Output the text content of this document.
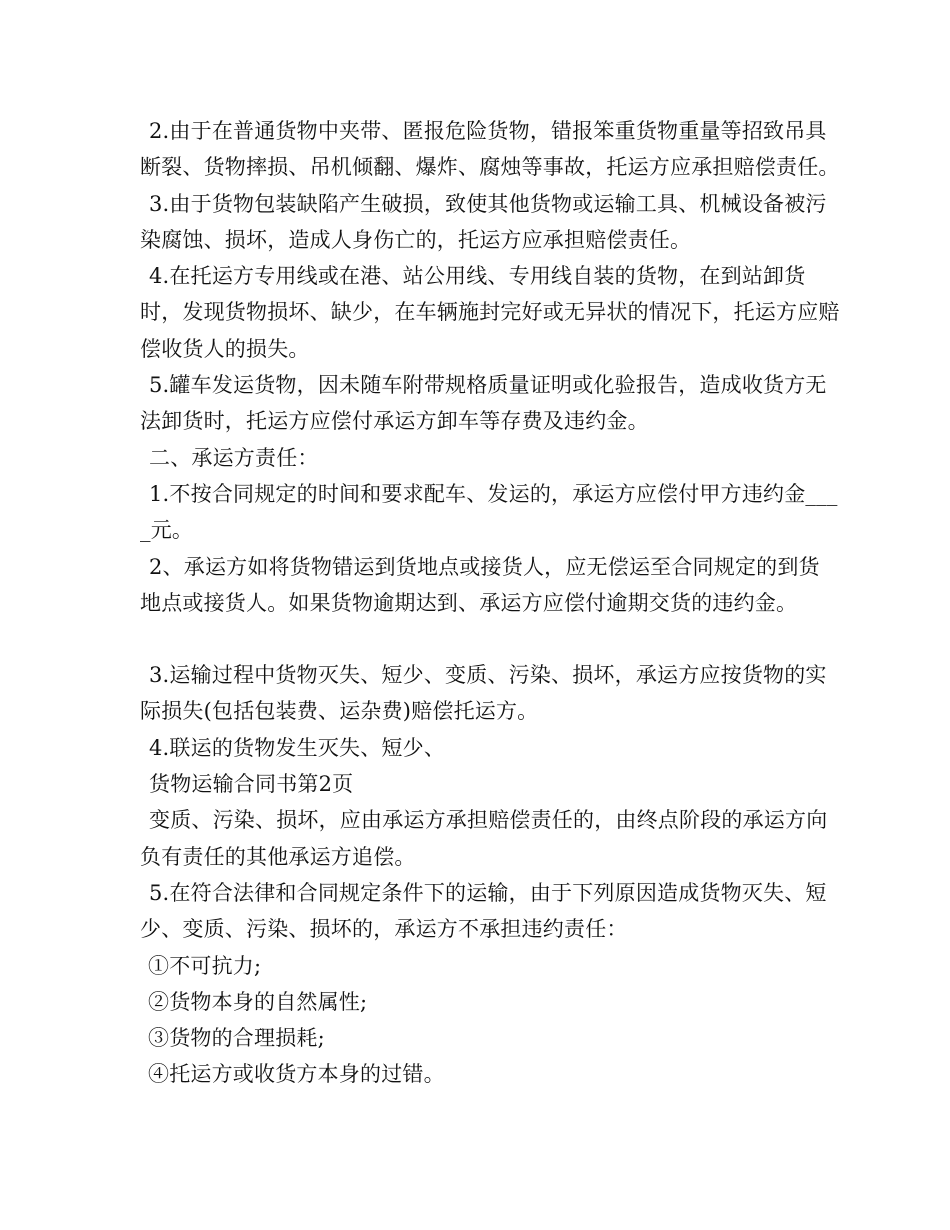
2.由于在普通货物中夹带、匿报危险货物，错报笨重货物重量等招致吊具断裂、货物摔损、吊机倾翻、爆炸、腐烛等事故，托运方应承担赔偿责任。

3.由于货物包装缺陷产生破损，致使其他货物或运输工具、机械设备被污染腐蚀、损坏，造成人身伤亡的，托运方应承担赔偿责任。

4.在托运方专用线或在港、站公用线、专用线自装的货物，在到站卸货时，发现货物损坏、缺少，在车辆施封完好或无异状的情况下，托运方应赔偿收货人的损失。

5.罐车发运货物，因未随车附带规格质量证明或化验报告，造成收货方无法卸货时，托运方应偿付承运方卸车等存费及违约金。

二、承运方责任：

1.不按合同规定的时间和要求配车、发运的，承运方应偿付甲方违约金____元。

2、承运方如将货物错运到货地点或接货人，应无偿运至合同规定的到货地点或接货人。如果货物逾期达到、承运方应偿付逾期交货的违约金。

3.运输过程中货物灭失、短少、变质、污染、损坏，承运方应按货物的实际损失(包括包装费、运杂费)赔偿托运方。

4.联运的货物发生灭失、短少、

货物运输合同书第2页

变质、污染、损坏，应由承运方承担赔偿责任的，由终点阶段的承运方向负有责任的其他承运方追偿。

5.在符合法律和合同规定条件下的运输，由于下列原因造成货物灭失、短少、变质、污染、损坏的，承运方不承担违约责任：

①不可抗力;

②货物本身的自然属性;

③货物的合理损耗;

④托运方或收货方本身的过错。
